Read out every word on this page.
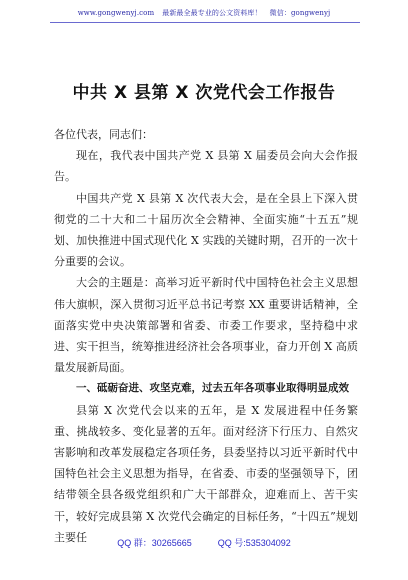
www.gongwenyj.com 最新最全最专业的公文资料库！ 微信：gongwenyj
中共 X 县第 X 次党代会工作报告

各位代表，同志们：

现在，我代表中国共产党 X 县第 X 届委员会向大会作报告。

中国共产党 X 县第 X 次代表大会，是在全县上下深入贯彻党的二十大和二十届历次全会精神、全面实施“十五五”规划、加快推进中国式现代化 X 实践的关键时期，召开的一次十分重要的会议。

大会的主题是：高举习近平新时代中国特色社会主义思想伟大旗帜，深入贯彻习近平总书记考察 XX 重要讲话精神，全面落实党中央决策部署和省委、市委工作要求，坚持稳中求进、实干担当，统筹推进经济社会各项事业，奋力开创 X 高质量发展新局面。

一、砥砺奋进、攻坚克难，过去五年各项事业取得明显成效

县第 X 次党代会以来的五年，是 X 发展进程中任务繁重、挑战较多、变化显著的五年。面对经济下行压力、自然灾害影响和改革发展稳定各项任务，县委坚持以习近平新时代中国特色社会主义思想为指导，在省委、市委的坚强领导下，团结带领全县各级党组织和广大干部群众，迎难而上、苦干实干，较好完成县第 X 次党代会确定的目标任务，“十四五”规划主要任	QQ 群：30265665	QQ 号:535304092
